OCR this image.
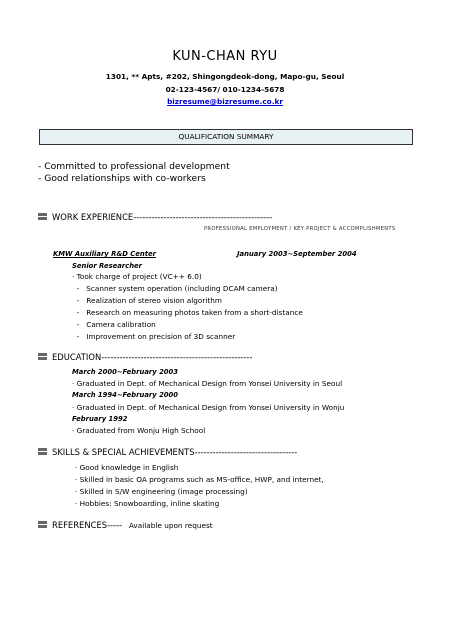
KUN-CHAN RYU
1301, ** Apts, #202, Shingongdeok-dong, Mapo-gu, Seoul
02-123-4567/ 010-1234-5678
bizresume@bizresume.co.kr
QUALIFICATION SUMMARY
- Committed to professional development
- Good relationships with co-workers
WORK EXPERIENCE----------------------------------------------
PROFESSIONAL EMPLOYMENT / KEY PROJECT & ACCOMPLISHMENTS
KMW Auxiliary R&D Center	January 2003~September 2004
Senior Researcher
· Took charge of project (VC++ 6.0)
-   Scanner system operation (including DCAM camera)
-   Realization of stereo vision algorithm
-   Research on measuring photos taken from a short-distance
-   Camera calibration
-   Improvement on precision of 3D scanner
EDUCATION--------------------------------------------------
March 2000~February 2003
· Graduated in Dept. of Mechanical Design from Yonsei University in Seoul
March 1994~February 2000
· Graduated in Dept. of Mechanical Design from Yonsei University in Wonju
February 1992
· Graduated from Wonju High School
SKILLS & SPECIAL ACHIEVEMENTS----------------------------------
· Good knowledge in English
· Skilled in basic OA programs such as MS-office, HWP, and internet,
· Skilled in S/W engineering (image processing)
· Hobbies: Snowboarding, inline skating
REFERENCES----- Available upon request
